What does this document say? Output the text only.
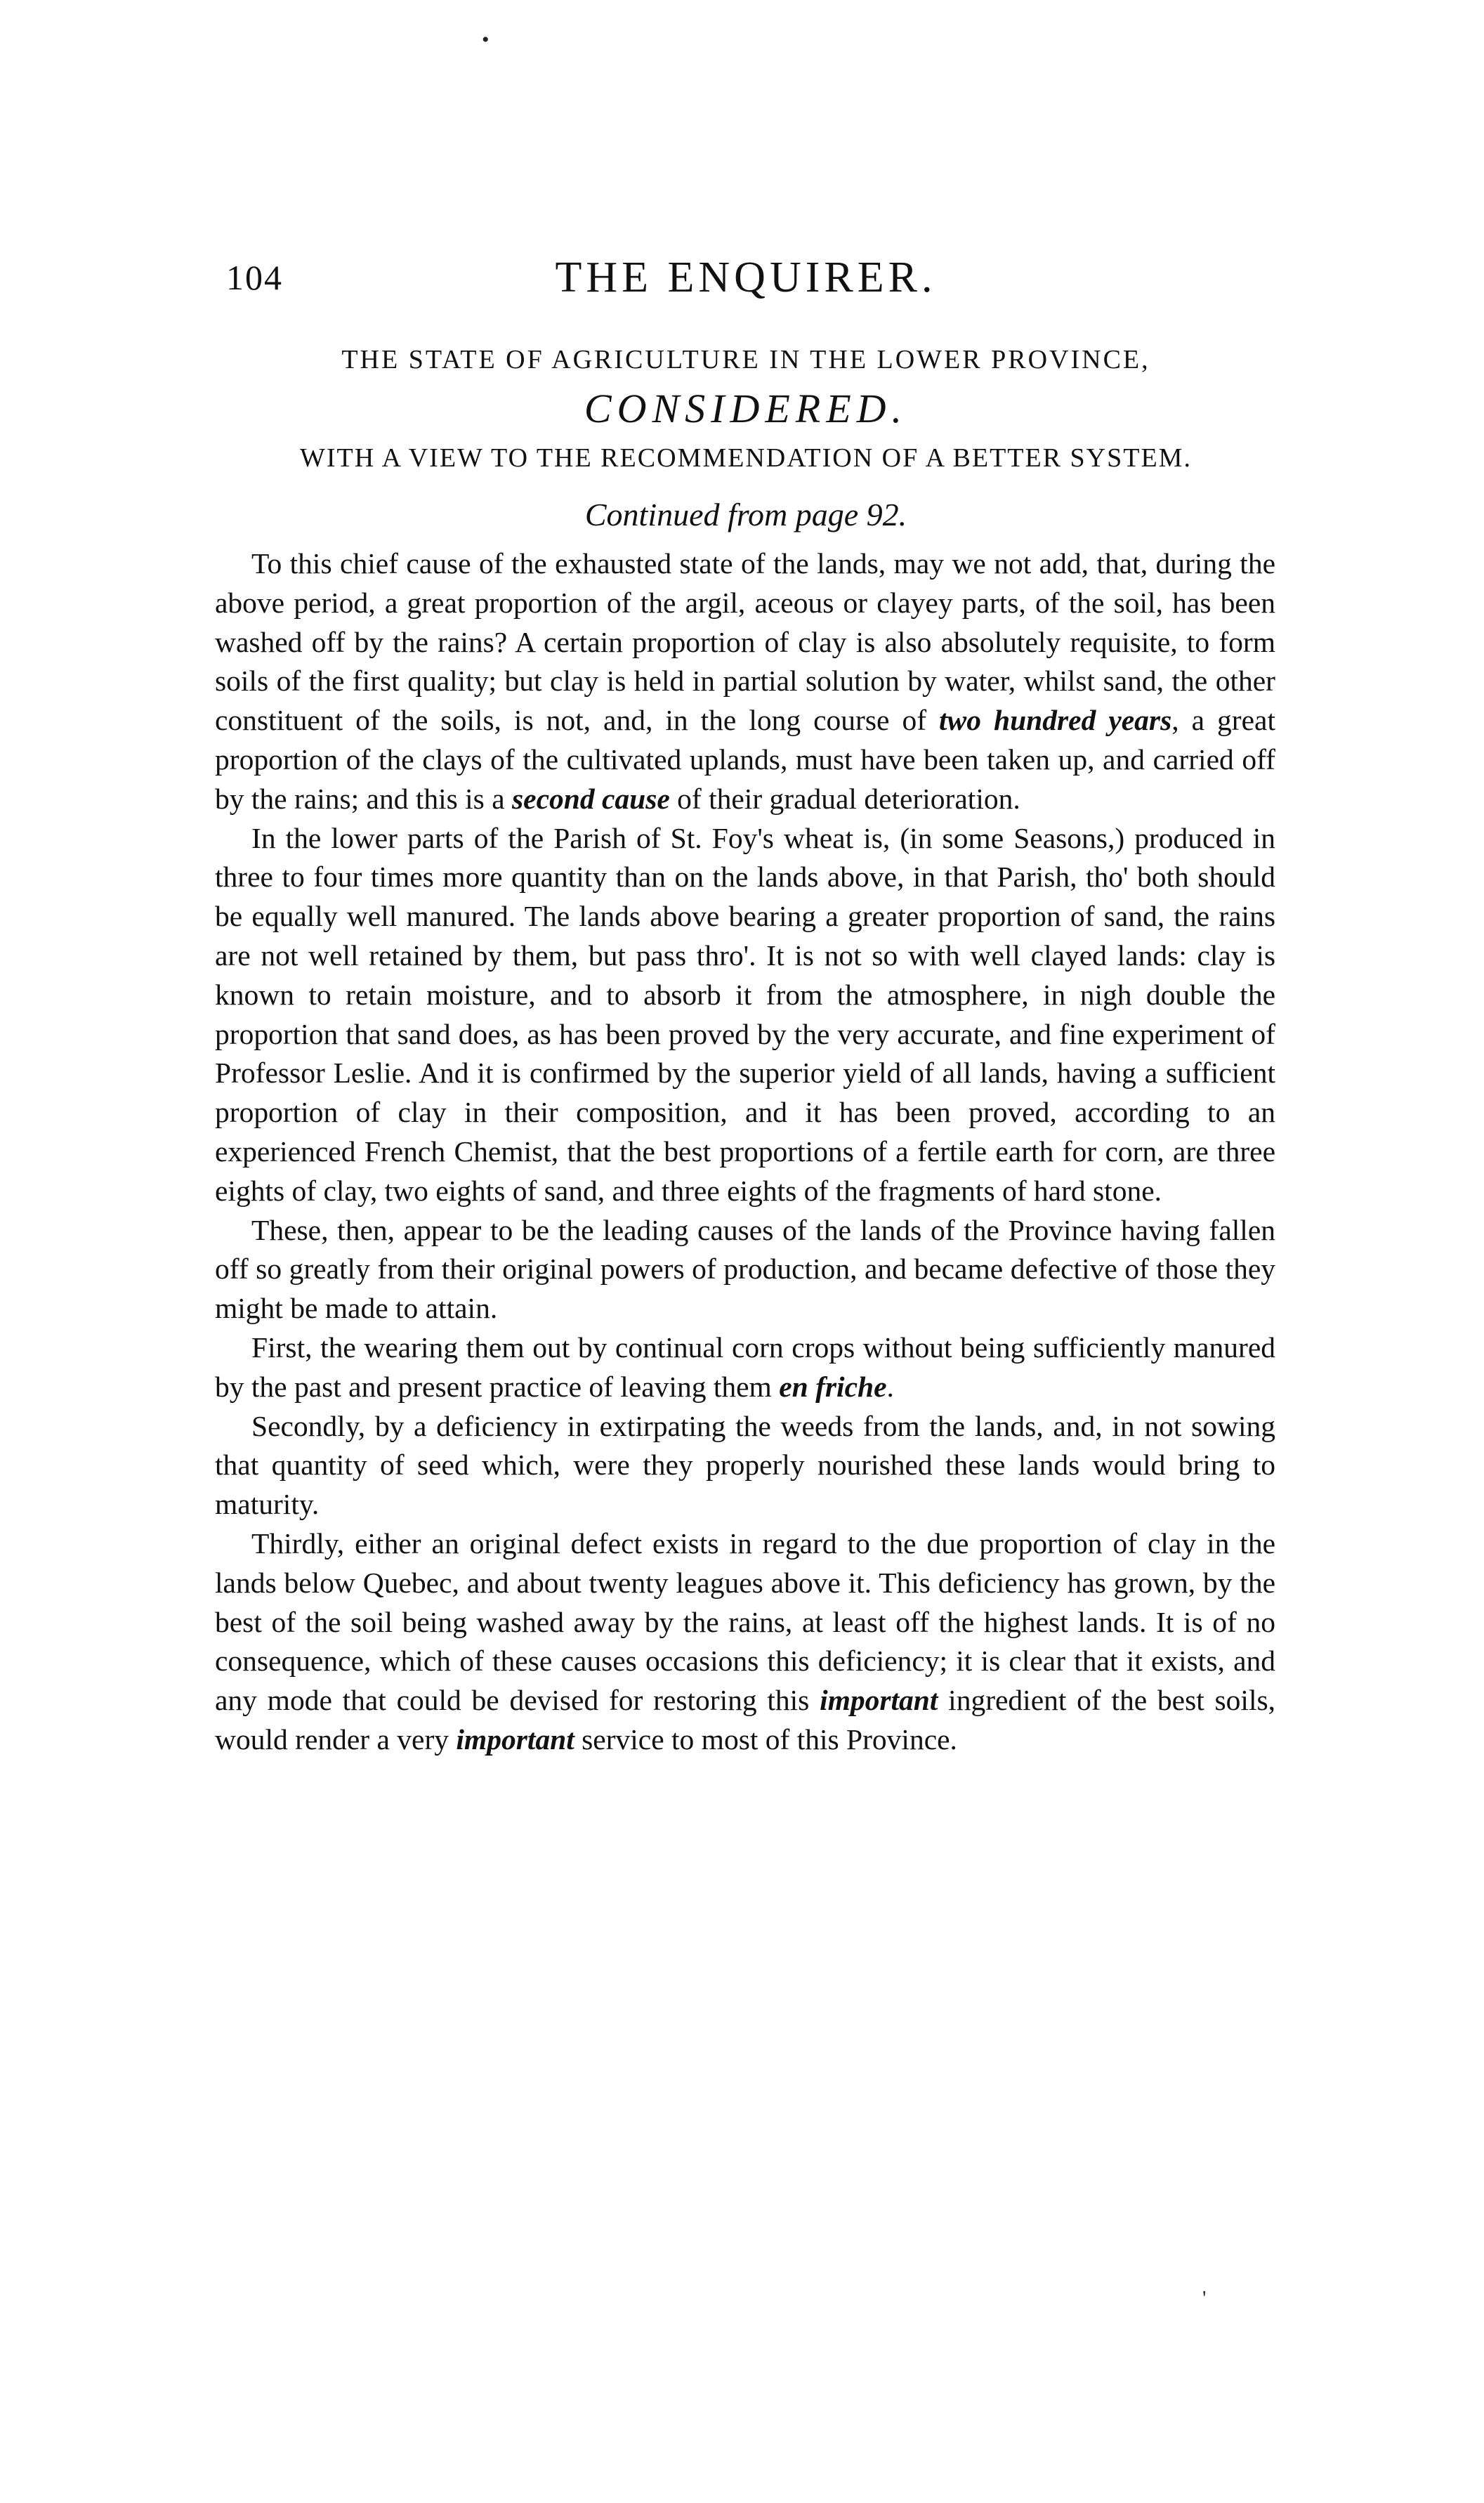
•
104	THE ENQUIRER.
THE STATE OF AGRICULTURE IN THE LOWER PROVINCE,
CONSIDERED.
WITH A VIEW TO THE RECOMMENDATION OF A BETTER SYSTEM.
Continued from page 92.

To this chief cause of the exhausted state of the lands, may we not add, that, during the above period, a great proportion of the argil, aceous or clayey parts, of the soil, has been washed off by the rains? A certain proportion of clay is also absolutely requisite, to form soils of the first quality; but clay is held in partial solution by water, whilst sand, the other constituent of the soils, is not, and, in the long course of two hundred years, a great proportion of the clays of the cultivated uplands, must have been taken up, and carried off by the rains; and this is a second cause of their gradual deterioration.

In the lower parts of the Parish of St. Foy's wheat is, (in some Seasons,) produced in three to four times more quantity than on the lands above, in that Parish, tho' both should be equally well manured. The lands above bearing a greater proportion of sand, the rains are not well retained by them, but pass thro'. It is not so with well clayed lands: clay is known to retain moisture, and to absorb it from the atmosphere, in nigh double the proportion that sand does, as has been proved by the very accurate, and fine experiment of Professor Leslie. And it is confirmed by the superior yield of all lands, having a sufficient proportion of clay in their composition, and it has been proved, according to an experienced French Chemist, that the best proportions of a fertile earth for corn, are three eights of clay, two eights of sand, and three eights of the fragments of hard stone.

These, then, appear to be the leading causes of the lands of the Province having fallen off so greatly from their original powers of production, and became defective of those they might be made to attain.

First, the wearing them out by continual corn crops without being sufficiently manured by the past and present practice of leaving them en friche.

Secondly, by a deficiency in extirpating the weeds from the lands, and, in not sowing that quantity of seed which, were they properly nourished these lands would bring to maturity.

Thirdly, either an original defect exists in regard to the due proportion of clay in the lands below Quebec, and about twenty leagues above it. This deficiency has grown, by the best of the soil being washed away by the rains, at least off the highest lands. It is of no consequence, which of these causes occasions this deficiency; it is clear that it exists, and any mode that could be devised for restoring this important ingredient of the best soils, would render a very important service to most of this Province.

'
